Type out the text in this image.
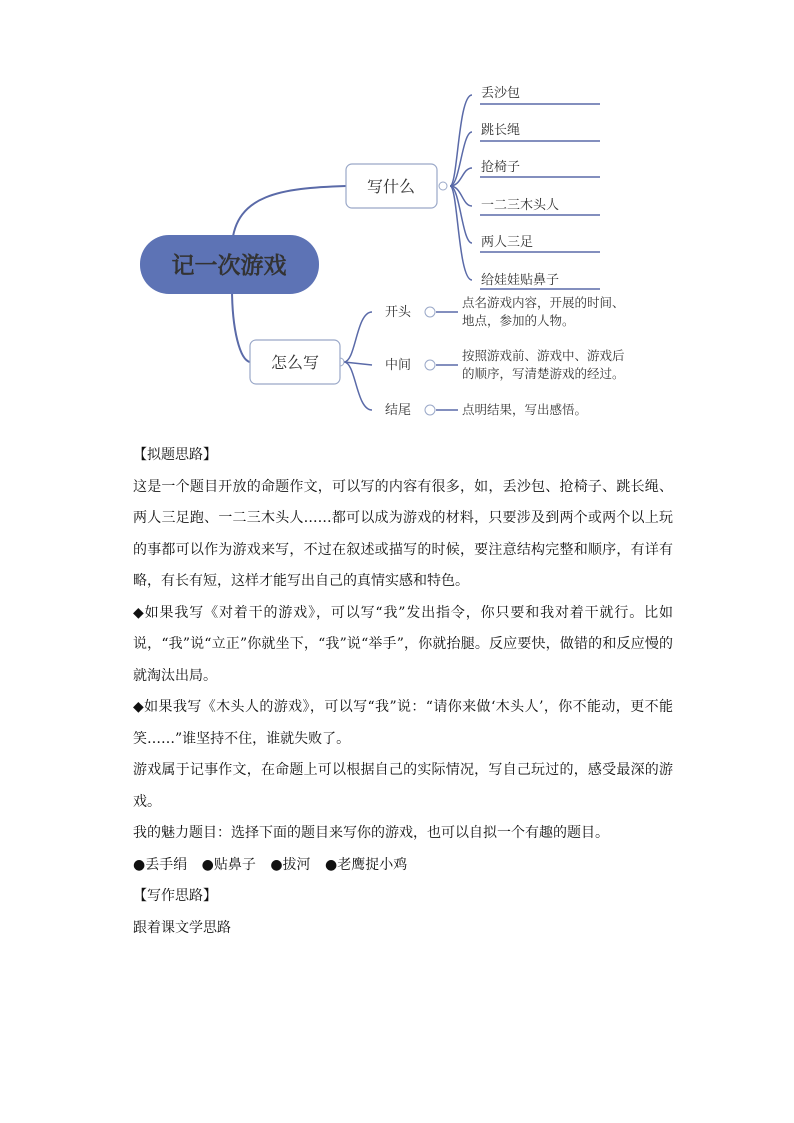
记一次游戏
写什么
怎么写
丢沙包
跳长绳
抢椅子
一二三木头人
两人三足
给娃娃贴鼻子
开头
中间
结尾
点名游戏内容，开展的时间、
地点，参加的人物。
按照游戏前、游戏中、游戏后
的顺序，写清楚游戏的经过。
点明结果，写出感悟。

【拟题思路】

这是一个题目开放的命题作文，可以写的内容有很多，如，丢沙包、抢椅子、跳长绳、两人三足跑、一二三木头人……都可以成为游戏的材料，只要涉及到两个或两个以上玩的事都可以作为游戏来写，不过在叙述或描写的时候，要注意结构完整和顺序，有详有略，有长有短，这样才能写出自己的真情实感和特色。

◆如果我写《对着干的游戏》，可以写“我”发出指令，你只要和我对着干就行。比如说，“我”说“立正”你就坐下，“我”说“举手”，你就抬腿。反应要快，做错的和反应慢的就淘汰出局。

◆如果我写《木头人的游戏》，可以写“我”说：“请你来做‘木头人’，你不能动，更不能笑……”谁坚持不住，谁就失败了。

游戏属于记事作文，在命题上可以根据自己的实际情况，写自己玩过的，感受最深的游戏。

我的魅力题目：选择下面的题目来写你的游戏，也可以自拟一个有趣的题目。

●丢手绢 ●贴鼻子 ●拔河 ●老鹰捉小鸡

【写作思路】

跟着课文学思路
